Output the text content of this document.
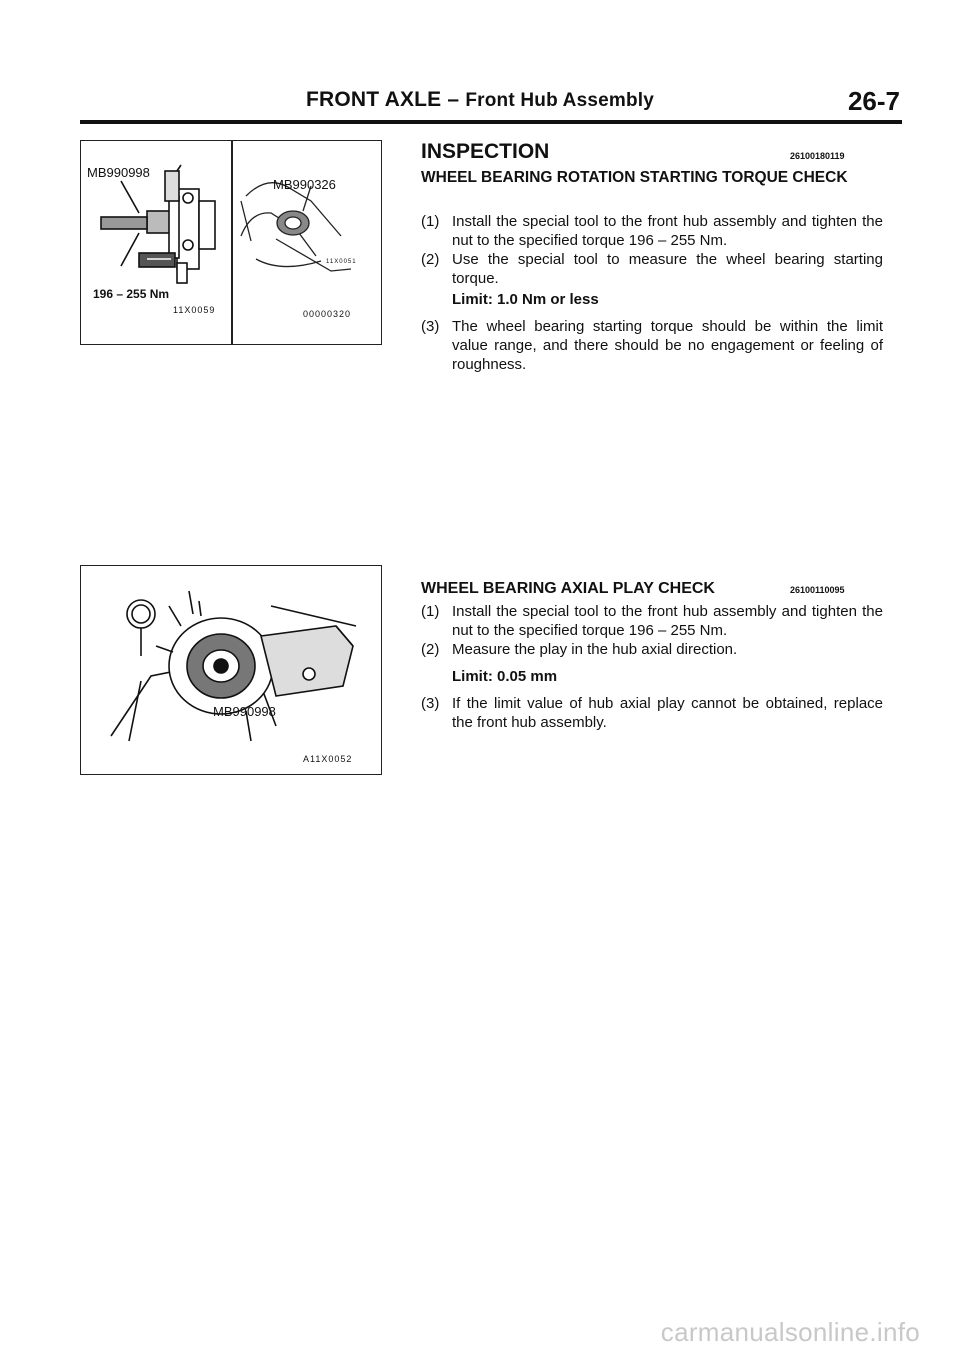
FRONT AXLE – Front Hub Assembly	26-7
MB990998
196 – 255 Nm
11X0059
MB990326
11X0051
00000320
INSPECTION	26100180119
WHEEL BEARING ROTATION STARTING TORQUE CHECK
(1) Install the special tool to the front hub assembly and tighten the nut to the specified torque 196 – 255 Nm.
(2) Use the special tool to measure the wheel bearing starting torque.
Limit: 1.0 Nm or less
(3) The wheel bearing starting torque should be within the limit value range, and there should be no engagement or feeling of roughness.
MB990998
A11X0052
WHEEL BEARING AXIAL PLAY CHECK	26100110095
(1) Install the special tool to the front hub assembly and tighten the nut to the specified torque 196 – 255 Nm.
(2) Measure the play in the hub axial direction.
Limit: 0.05 mm
(3) If the limit value of hub axial play cannot be obtained, replace the front hub assembly.
carmanualsonline.info
